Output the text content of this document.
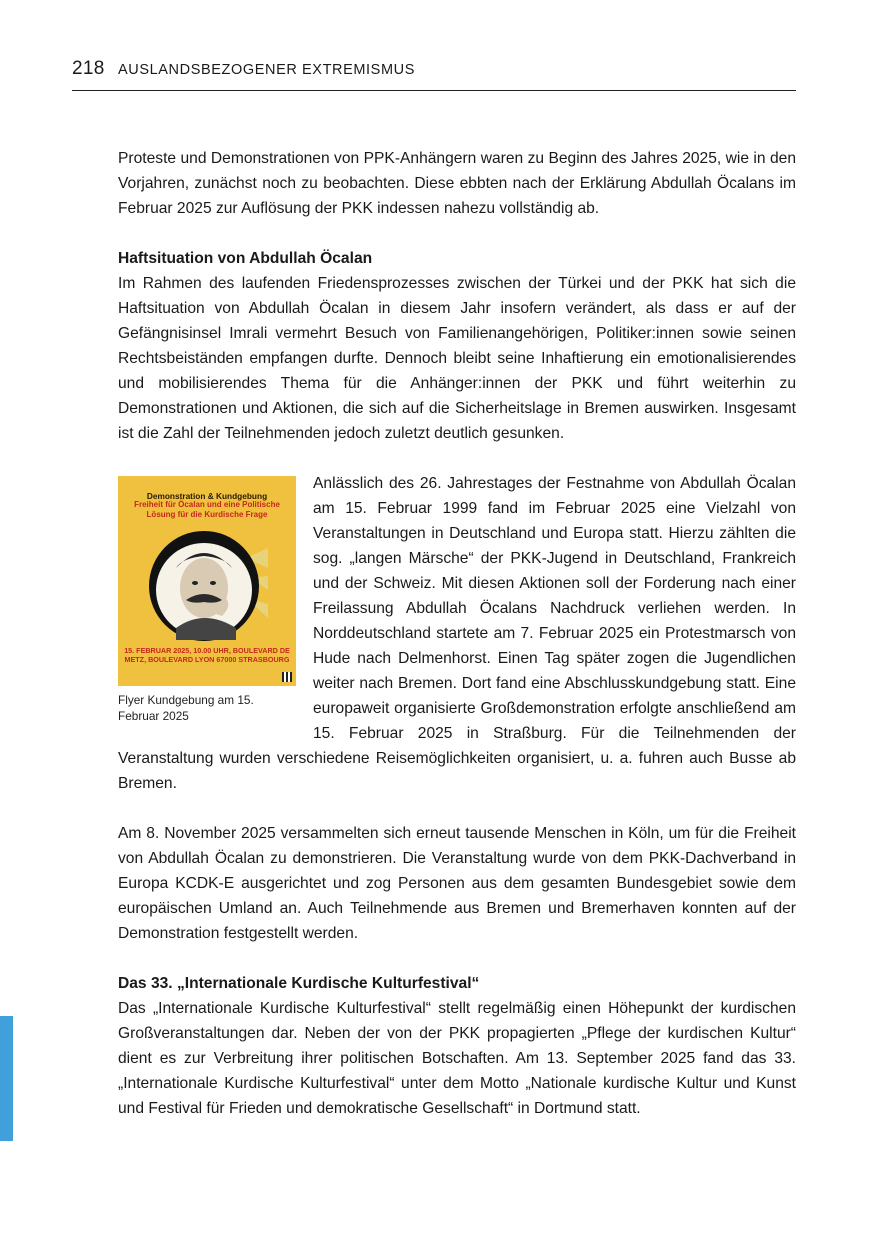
218 AUSLANDSBEZOGENER EXTREMISMUS

Proteste und Demonstrationen von PPK-Anhängern waren zu Beginn des Jahres 2025, wie in den Vorjahren, zunächst noch zu beobachten. Diese ebbten nach der Erklärung Abdullah Öcalans im Februar 2025 zur Auflösung der PKK indessen nahezu vollständig ab.

Haftsituation von Abdullah Öcalan

Im Rahmen des laufenden Friedensprozesses zwischen der Türkei und der PKK hat sich die Haftsituation von Abdullah Öcalan in diesem Jahr insofern verändert, als dass er auf der Gefängnisinsel Imrali vermehrt Besuch von Familienangehörigen, Politiker:innen sowie seinen Rechtsbeiständen empfangen durfte. Dennoch bleibt seine Inhaftierung ein emotionalisierendes und mobilisierendes Thema für die Anhänger:innen der PKK und führt weiterhin zu Demonstrationen und Aktionen, die sich auf die Sicherheitslage in Bremen auswirken. Insgesamt ist die Zahl der Teilnehmenden jedoch zuletzt deutlich gesunken.

Demonstration & Kundgebung
Freiheit für Öcalan und eine Politische Lösung für die Kurdische Frage
15. FEBRUAR 2025, 10.00 UHR, BOULEVARD DE METZ, BOULEVARD LYON 67000 STRASBOURG
Flyer Kundgebung am 15. Februar 2025

Anlässlich des 26. Jahrestages der Festnahme von Abdullah Öcalan am 15. Februar 1999 fand im Februar 2025 eine Vielzahl von Veranstaltungen in Deutschland und Europa statt. Hierzu zählten die sog. „langen Märsche“ der PKK-Jugend in Deutschland, Frankreich und der Schweiz. Mit diesen Aktionen soll der Forderung nach einer Freilassung Abdullah Öcalans Nachdruck verliehen werden. In Norddeutschland startete am 7. Februar 2025 ein Protestmarsch von Hude nach Delmenhorst. Einen Tag später zogen die Jugendlichen weiter nach Bremen. Dort fand eine Abschlusskundgebung statt. Eine europaweit organisierte Großdemonstration erfolgte anschließend am 15. Februar 2025 in Straßburg. Für die Teilnehmenden der Veranstaltung wurden verschiedene Reisemöglichkeiten organisiert, u. a. fuhren auch Busse ab Bremen.

Am 8. November 2025 versammelten sich erneut tausende Menschen in Köln, um für die Freiheit von Abdullah Öcalan zu demonstrieren. Die Veranstaltung wurde von dem PKK-Dachverband in Europa KCDK-E ausgerichtet und zog Personen aus dem gesamten Bundesgebiet sowie dem europäischen Umland an. Auch Teilnehmende aus Bremen und Bremerhaven konnten auf der Demonstration festgestellt werden.

Das 33. „Internationale Kurdische Kulturfestival“

Das „Internationale Kurdische Kulturfestival“ stellt regelmäßig einen Höhepunkt der kurdischen Großveranstaltungen dar. Neben der von der PKK propagierten „Pflege der kurdischen Kultur“ dient es zur Verbreitung ihrer politischen Botschaften. Am 13. September 2025 fand das 33. „Internationale Kurdische Kulturfestival“ unter dem Motto „Nationale kurdische Kultur und Kunst und Festival für Frieden und demokratische Gesellschaft“ in Dortmund statt.
